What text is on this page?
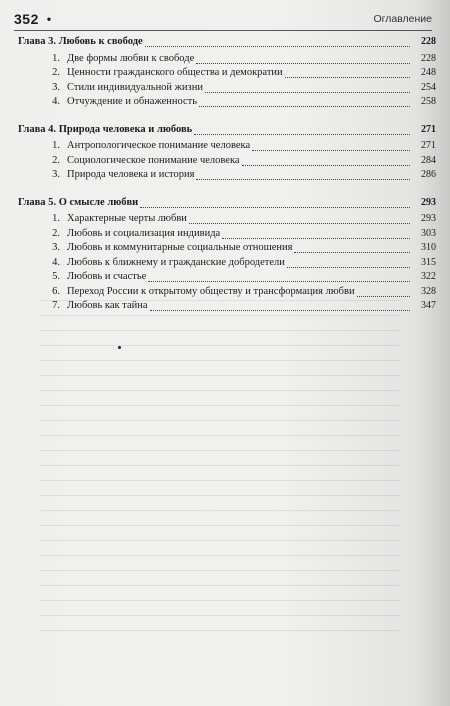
352 •	Оглавление
Глава 3. Любовь к свободе	228
1. Две формы любви к свободе	228
2. Ценности гражданского общества и демократии	248
3. Стили индивидуальной жизни	254
4. Отчуждение и обнаженность	258
Глава 4. Природа человека и любовь	271
1. Антропологическое понимание человека	271
2. Социологическое понимание человека	284
3. Природа человека и история	286
Глава 5. О смысле любви	293
1. Характерные черты любви	293
2. Любовь и социализация индивида	303
3. Любовь и коммунитарные социальные отношения	310
4. Любовь к ближнему и гражданские добродетели	315
5. Любовь и счастье	322
6. Переход России к открытому обществу и трансформация любви	328
7. Любовь как тайна	347
